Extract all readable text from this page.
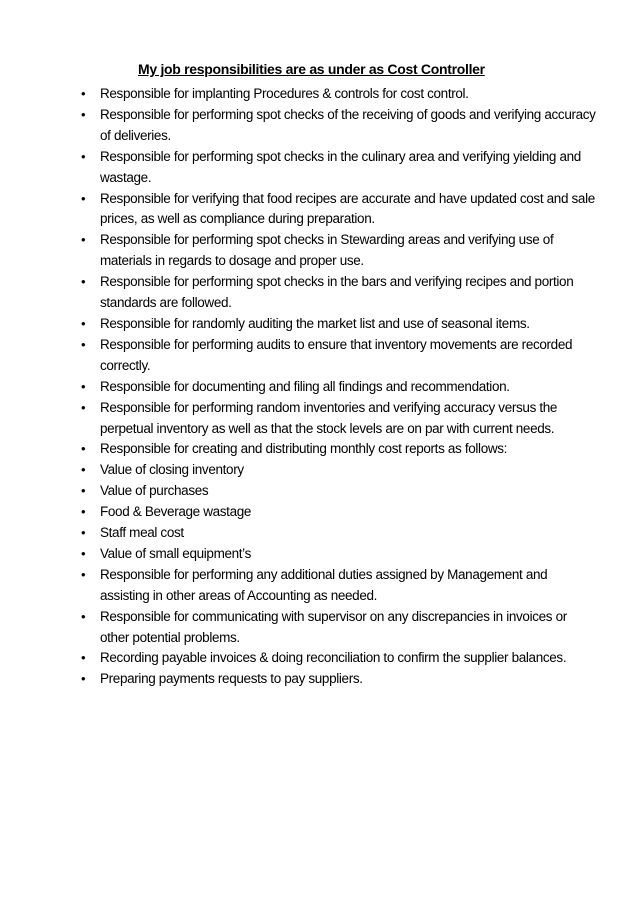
My job responsibilities are as under as Cost Controller
•	Responsible for implanting Procedures & controls for cost control.
•	Responsible for performing spot checks of the receiving of goods and verifying accuracy of deliveries.
•	Responsible for performing spot checks in the culinary area and verifying yielding and wastage.
•	Responsible for verifying that food recipes are accurate and have updated cost and sale prices, as well as compliance during preparation.
•	Responsible for performing spot checks in Stewarding areas and verifying use of materials in regards to dosage and proper use.
•	Responsible for performing spot checks in the bars and verifying recipes and portion standards are followed.
•	Responsible for randomly auditing the market list and use of seasonal items.
•	Responsible for performing audits to ensure that inventory movements are recorded correctly.
•	Responsible for documenting and filing all findings and recommendation.
•	Responsible for performing random inventories and verifying accuracy versus the perpetual inventory as well as that the stock levels are on par with current needs.
•	Responsible for creating and distributing monthly cost reports as follows:
•	Value of closing inventory
•	Value of purchases
•	Food & Beverage wastage
•	Staff meal cost
•	Value of small equipment’s
•	Responsible for performing any additional duties assigned by Management and assisting in other areas of Accounting as needed.
•	Responsible for communicating with supervisor on any discrepancies in invoices or other potential problems.
•	Recording payable invoices & doing reconciliation to confirm the supplier balances.
•	Preparing payments requests to pay suppliers.
